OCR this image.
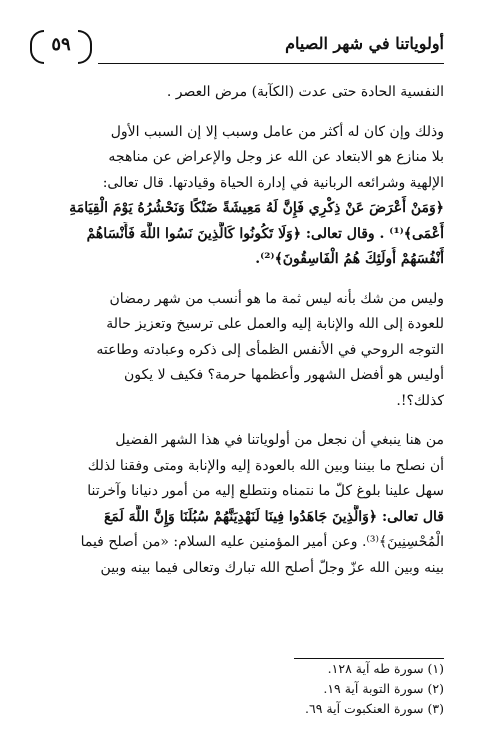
أولوياتنا في شهر الصيام
٥٩

النفسية الحادة حتى عدت (الكآبة) مرض العصر .

وذلك وإن كان له أكثر من عامل وسبب إلا إن السبب الأول
بلا منازع هو الابتعاد عن الله عز وجل والإعراض عن مناهجه
الإلهية وشرائعه الربانية في إدارة الحياة وقيادتها. قال تعالى:
﴿وَمَنْ أَعْرَضَ عَنْ ذِكْرِي فَإِنَّ لَهُ مَعِيشَةً ضَنْكًا وَنَحْشُرُهُ يَوْمَ الْقِيَامَةِ
أَعْمَى﴾⁽¹⁾ . وقال تعالى: ﴿وَلَا تَكُونُوا كَالَّذِينَ نَسُوا اللَّهَ فَأَنْسَاهُمْ
أَنْفُسَهُمْ أُولَئِكَ هُمُ الْفَاسِقُونَ﴾⁽²⁾.

وليس من شك بأنه ليس ثمة ما هو أنسب من شهر رمضان
للعودة إلى الله والإنابة إليه والعمل على ترسيخ وتعزيز حالة
التوجه الروحي في الأنفس الظمأى إلى ذكره وعبادته وطاعته
أوليس هو أفضل الشهور وأعظمها حرمة؟ فكيف لا يكون
كذلك؟!.

من هنا ينبغي أن نجعل من أولوياتنا في هذا الشهر الفضيل
أن نصلح ما بيننا وبين الله بالعودة إليه والإنابة ومتى وفقنا لذلك
سهل علينا بلوغ كلّ ما نتمناه ونتطلع إليه من أمور دنيانا وآخرتنا
قال تعالى: ﴿وَالَّذِينَ جَاهَدُوا فِينَا لَنَهْدِيَنَّهُمْ سُبُلَنَا وَإِنَّ اللَّهَ لَمَعَ
الْمُحْسِنِينَ﴾⁽³⁾. وعن أمير المؤمنين عليه السلام: «من أصلح فيما
بينه وبين الله عزّ وجلّ أصلح الله تبارك وتعالى فيما بينه وبين

(١) سورة طه آية ١٢٨.
(٢) سورة التوبة آية ١٩.
(٣) سورة العنكبوت آية ٦٩.
